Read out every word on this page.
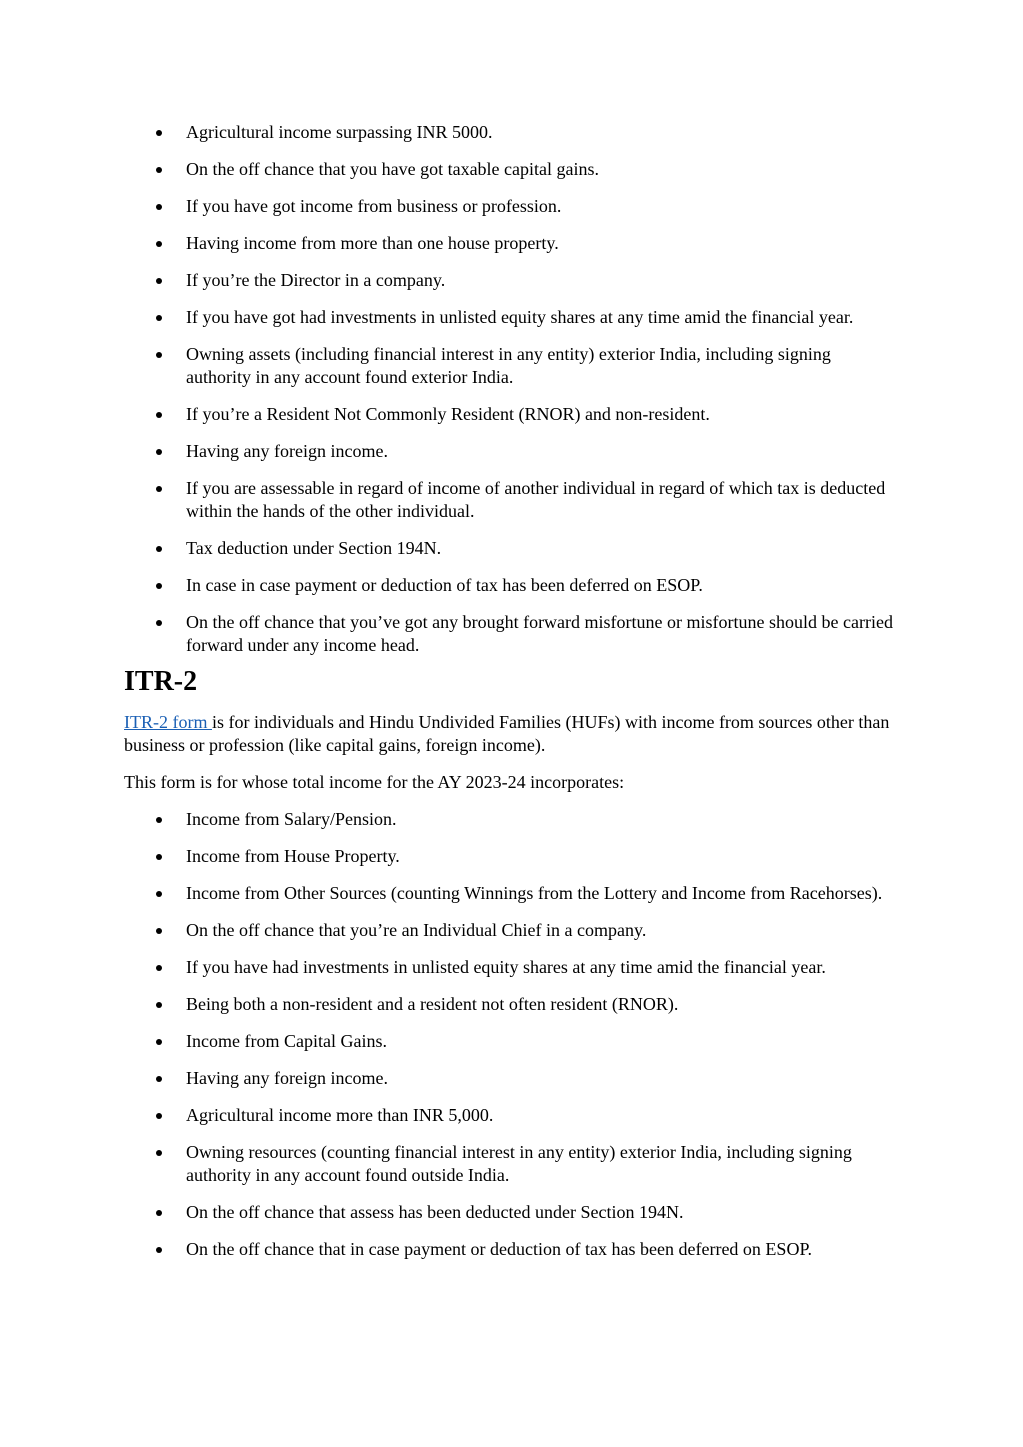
Agricultural income surpassing INR 5000.
On the off chance that you have got taxable capital gains.
If you have got income from business or profession.
Having income from more than one house property.
If you’re the Director in a company.
If you have got had investments in unlisted equity shares at any time amid the financial year.
Owning assets (including financial interest in any entity) exterior India, including signing authority in any account found exterior India.
If you’re a Resident Not Commonly Resident (RNOR) and non-resident.
Having any foreign income.
If you are assessable in regard of income of another individual in regard of which tax is deducted within the hands of the other individual.
Tax deduction under Section 194N.
In case in case payment or deduction of tax has been deferred on ESOP.
On the off chance that you’ve got any brought forward misfortune or misfortune should be carried forward under any income head.
ITR-2

ITR-2 form is for individuals and Hindu Undivided Families (HUFs) with income from sources other than business or profession (like capital gains, foreign income).

This form is for whose total income for the AY 2023-24 incorporates:

Income from Salary/Pension.
Income from House Property.
Income from Other Sources (counting Winnings from the Lottery and Income from Racehorses).
On the off chance that you’re an Individual Chief in a company.
If you have had investments in unlisted equity shares at any time amid the financial year.
Being both a non-resident and a resident not often resident (RNOR).
Income from Capital Gains.
Having any foreign income.
Agricultural income more than INR 5,000.
Owning resources (counting financial interest in any entity) exterior India, including signing authority in any account found outside India.
On the off chance that assess has been deducted under Section 194N.
On the off chance that in case payment or deduction of tax has been deferred on ESOP.
